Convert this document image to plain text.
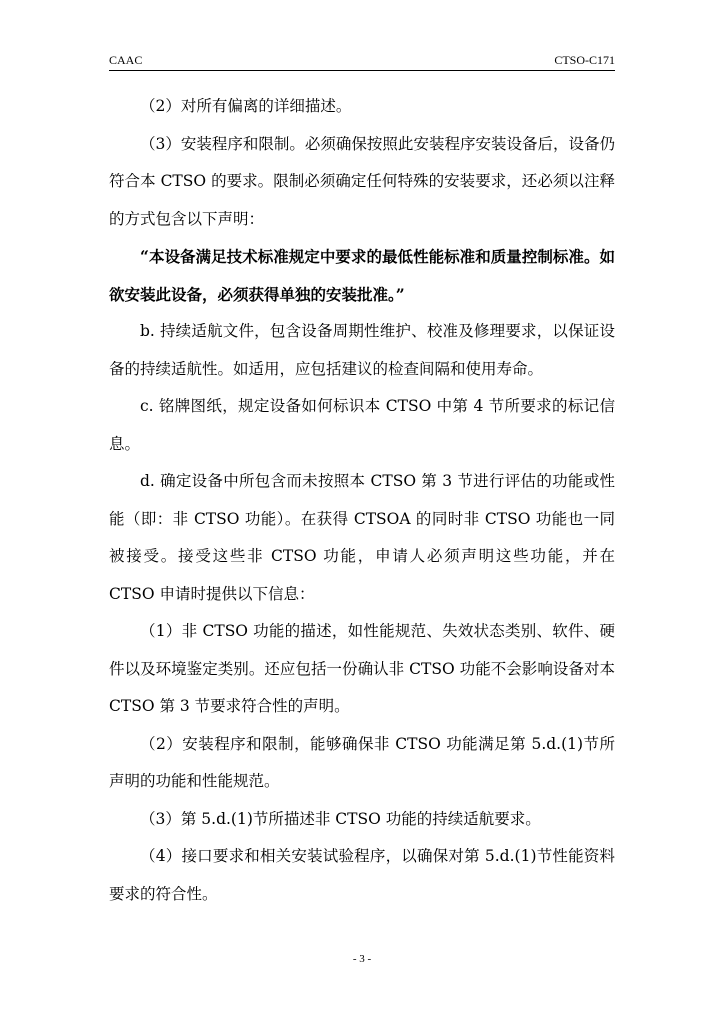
CAAC	CTSO-C171

（2）对所有偏离的详细描述。

（3）安装程序和限制。必须确保按照此安装程序安装设备后，设备仍符合本 CTSO 的要求。限制必须确定任何特殊的安装要求，还必须以注释的方式包含以下声明：

“本设备满足技术标准规定中要求的最低性能标准和质量控制标准。如欲安装此设备，必须获得单独的安装批准。”

b. 持续适航文件，包含设备周期性维护、校准及修理要求，以保证设备的持续适航性。如适用，应包括建议的检查间隔和使用寿命。

c. 铭牌图纸，规定设备如何标识本 CTSO 中第 4 节所要求的标记信息。

d. 确定设备中所包含而未按照本 CTSO 第 3 节进行评估的功能或性能（即：非 CTSO 功能）。在获得 CTSOA 的同时非 CTSO 功能也一同被接受。接受这些非 CTSO 功能，申请人必须声明这些功能，并在 CTSO 申请时提供以下信息：

（1）非 CTSO 功能的描述，如性能规范、失效状态类别、软件、硬件以及环境鉴定类别。还应包括一份确认非 CTSO 功能不会影响设备对本 CTSO 第 3 节要求符合性的声明。

（2）安装程序和限制，能够确保非 CTSO 功能满足第 5.d.(1)节所声明的功能和性能规范。

（3）第 5.d.(1)节所描述非 CTSO 功能的持续适航要求。

（4）接口要求和相关安装试验程序，以确保对第 5.d.(1)节性能资料要求的符合性。

- 3 -
